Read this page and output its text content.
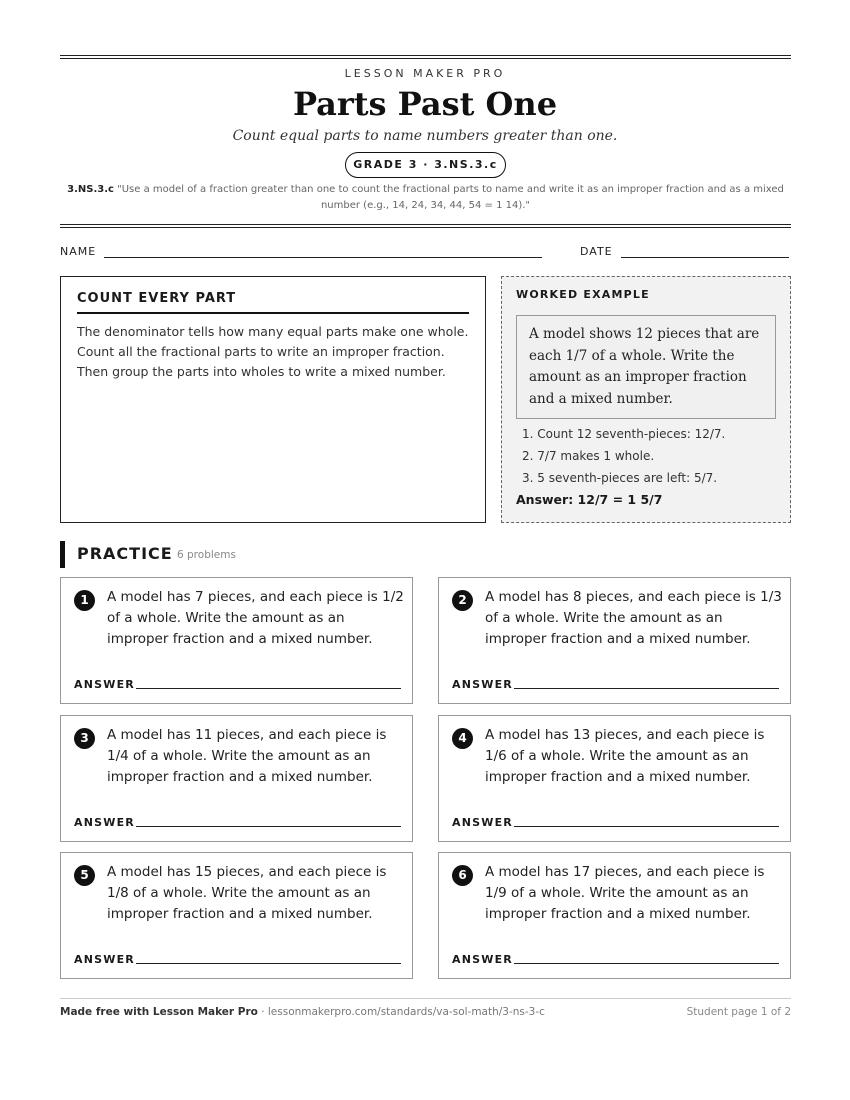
LESSON MAKER PRO
Parts Past One
Count equal parts to name numbers greater than one.
GRADE 3 · 3.NS.3.c
3.NS.3.c "Use a model of a fraction greater than one to count the fractional parts to name and write it as an improper fraction and as a mixed number (e.g., 14, 24, 34, 44, 54 = 1 14)."
NAME	DATE
COUNT EVERY PART
The denominator tells how many equal parts make one whole.
Count all the fractional parts to write an improper fraction.
Then group the parts into wholes to write a mixed number.
WORKED EXAMPLE
A model shows 12 pieces that are each 1/7 of a whole. Write the amount as an improper fraction and a mixed number.
1. Count 12 seventh-pieces: 12/7.
2. 7/7 makes 1 whole.
3. 5 seventh-pieces are left: 5/7.
Answer: 12/7 = 1 5/7
PRACTICE 6 problems
1	A model has 7 pieces, and each piece is 1/2 of a whole. Write the amount as an improper fraction and a mixed number.
ANSWER
2	A model has 8 pieces, and each piece is 1/3 of a whole. Write the amount as an improper fraction and a mixed number.
ANSWER
3	A model has 11 pieces, and each piece is 1/4 of a whole. Write the amount as an improper fraction and a mixed number.
ANSWER
4	A model has 13 pieces, and each piece is 1/6 of a whole. Write the amount as an improper fraction and a mixed number.
ANSWER
5	A model has 15 pieces, and each piece is 1/8 of a whole. Write the amount as an improper fraction and a mixed number.
ANSWER
6	A model has 17 pieces, and each piece is 1/9 of a whole. Write the amount as an improper fraction and a mixed number.
ANSWER
Made free with Lesson Maker Pro · lessonmakerpro.com/standards/va-sol-math/3-ns-3-c	Student page 1 of 2
